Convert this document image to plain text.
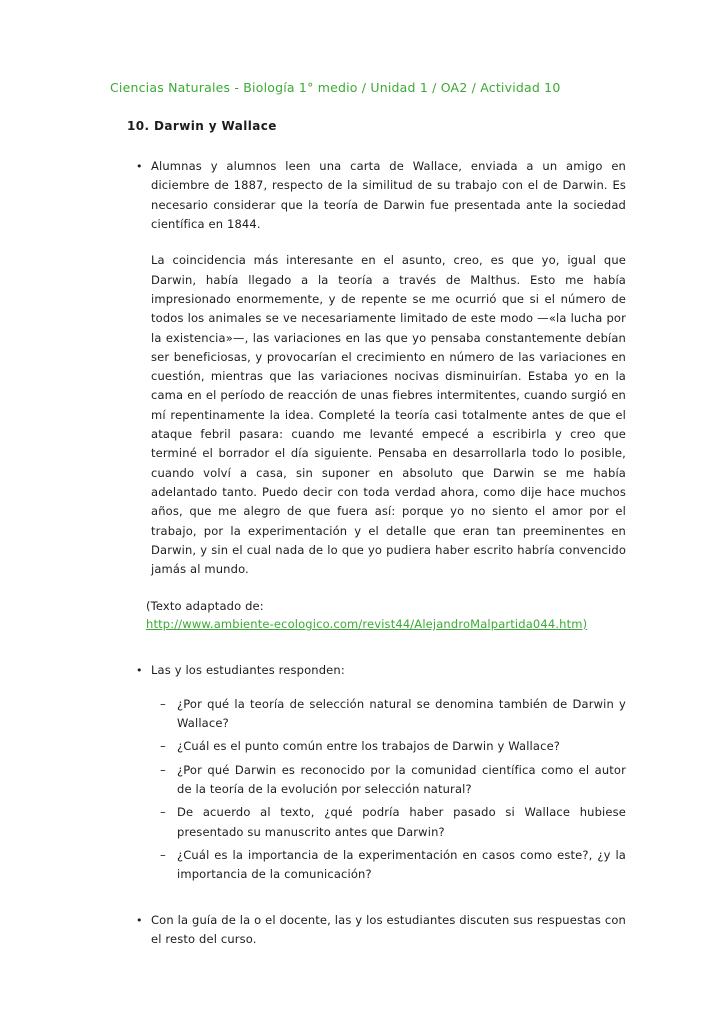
Ciencias Naturales - Biología 1° medio / Unidad 1 / OA2 / Actividad 10
10. Darwin y Wallace
• Alumnas y alumnos leen una carta de Wallace, enviada a un amigo en diciembre de 1887, respecto de la similitud de su trabajo con el de Darwin. Es necesario considerar que la teoría de Darwin fue presentada ante la sociedad científica en 1844.
La coincidencia más interesante en el asunto, creo, es que yo, igual que Darwin, había llegado a la teoría a través de Malthus. Esto me había impresionado enormemente, y de repente se me ocurrió que si el número de todos los animales se ve necesariamente limitado de este modo —«la lucha por la existencia»—, las variaciones en las que yo pensaba constantemente debían ser beneficiosas, y provocarían el crecimiento en número de las variaciones en cuestión, mientras que las variaciones nocivas disminuirían. Estaba yo en la cama en el período de reacción de unas fiebres intermitentes, cuando surgió en mí repentinamente la idea. Completé la teoría casi totalmente antes de que el ataque febril pasara: cuando me levanté empecé a escribirla y creo que terminé el borrador el día siguiente. Pensaba en desarrollarla todo lo posible, cuando volví a casa, sin suponer en absoluto que Darwin se me había adelantado tanto. Puedo decir con toda verdad ahora, como dije hace muchos años, que me alegro de que fuera así: porque yo no siento el amor por el trabajo, por la experimentación y el detalle que eran tan preeminentes en Darwin, y sin el cual nada de lo que yo pudiera haber escrito habría convencido jamás al mundo.
(Texto adaptado de:
http://www.ambiente-ecologico.com/revist44/AlejandroMalpartida044.htm)
• Las y los estudiantes responden:
– ¿Por qué la teoría de selección natural se denomina también de Darwin y Wallace?
– ¿Cuál es el punto común entre los trabajos de Darwin y Wallace?
– ¿Por qué Darwin es reconocido por la comunidad científica como el autor de la teoría de la evolución por selección natural?
– De acuerdo al texto, ¿qué podría haber pasado si Wallace hubiese presentado su manuscrito antes que Darwin?
– ¿Cuál es la importancia de la experimentación en casos como este?, ¿y la importancia de la comunicación?
• Con la guía de la o el docente, las y los estudiantes discuten sus respuestas con el resto del curso.
